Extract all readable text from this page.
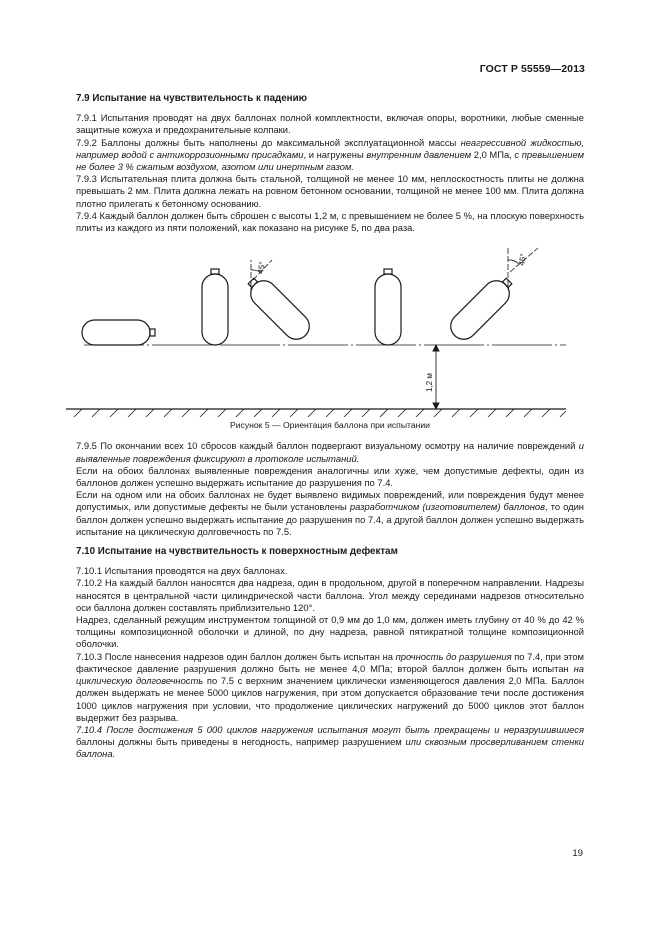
ГОСТ Р 55559—2013

7.9 Испытание на чувствительность к падению

7.9.1 Испытания проводят на двух баллонах полной комплектности, включая опоры, воротники, любые сменные защитные кожуха и предохранительные колпаки.

7.9.2 Баллоны должны быть наполнены до максимальной эксплуатационной массы неагрессивной жидкостью, например водой с антикоррозионными присадками, и нагружены внутренним давлением 2,0 МПа, с превышением не более 3 % сжатым воздухом, азотом или инертным газом.

7.9.3 Испытательная плита должна быть стальной, толщиной не менее 10 мм, неплоскостность плиты не должна превышать 2 мм. Плита должна лежать на ровном бетонном основании, толщиной не менее 100 мм. Плита должна плотно прилегать к бетонному основанию.

7.9.4 Каждый баллон должен быть сброшен с высоты 1,2 м, с превышением не более 5 %, на плоскую поверхность плиты из каждого из пяти положений, как показано на рисунке 5, по два раза.

45°
45°
1,2 м

Рисунок 5 — Ориентация баллона при испытании

7.9.5 По окончании всех 10 сбросов каждый баллон подвергают визуальному осмотру на наличие повреждений и выявленные повреждения фиксируют в протоколе испытаний.

Если на обоих баллонах выявленные повреждения аналогичны или хуже, чем допустимые дефекты, один из баллонов должен успешно выдержать испытание до разрушения по 7.4.

Если на одном или на обоих баллонах не будет выявлено видимых повреждений, или повреждения будут менее допустимых, или допустимые дефекты не были установлены разработчиком (изготовителем) баллонов, то один баллон должен успешно выдержать испытание до разрушения по 7.4, а другой баллон должен успешно выдержать испытание на циклическую долговечность по 7.5.

7.10 Испытание на чувствительность к поверхностным дефектам

7.10.1 Испытания проводятся на двух баллонах.

7.10.2 На каждый баллон наносятся два надреза, один в продольном, другой в поперечном направлении. Надрезы наносятся в центральной части цилиндрической части баллона. Угол между серединами надрезов относительно оси баллона должен составлять приблизительно 120°.

Надрез, сделанный режущим инструментом толщиной от 0,9 мм до 1,0 мм, должен иметь глубину от 40 % до 42 % толщины композиционной оболочки и длиной, по дну надреза, равной пятикратной толщине композиционной оболочки.

7.10.3 После нанесения надрезов один баллон должен быть испытан на прочность до разрушения по 7.4, при этом фактическое давление разрушения должно быть не менее 4,0 МПа; второй баллон должен быть испытан на циклическую долговечность по 7.5 с верхним значением циклически изменяющегося давления 2,0 МПа. Баллон должен выдержать не менее 5000 циклов нагружения, при этом допускается образование течи после достижения 1000 циклов нагружения при условии, что продолжение циклических нагружений до 5000 циклов этот баллон выдержит без разрыва.

7.10.4 После достижения 5 000 циклов нагружения испытания могут быть прекращены и неразрушившиеся баллоны должны быть приведены в негодность, например разрушением или сквозным просверливанием стенки баллона.

19
